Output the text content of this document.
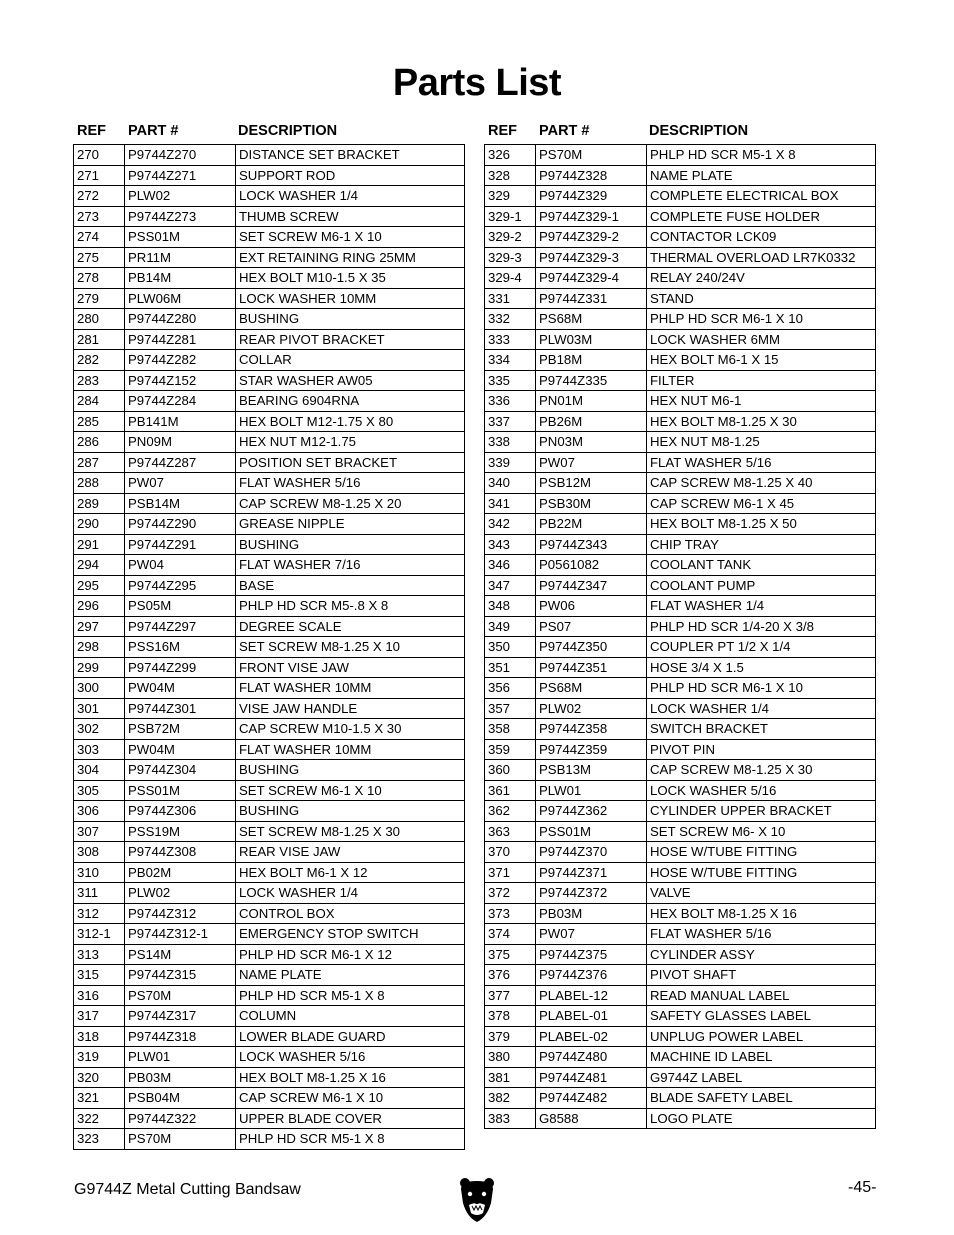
Parts List
REF PART #	DESCRIPTION
270	P9744Z270	DISTANCE SET BRACKET
271	P9744Z271	SUPPORT ROD
272	PLW02	LOCK WASHER 1/4
273	P9744Z273	THUMB SCREW
274	PSS01M	SET SCREW M6-1 X 10
275	PR11M	EXT RETAINING RING 25MM
278	PB14M	HEX BOLT M10-1.5 X 35
279	PLW06M	LOCK WASHER 10MM
280	P9744Z280	BUSHING
281	P9744Z281	REAR PIVOT BRACKET
282	P9744Z282	COLLAR
283	P9744Z152	STAR WASHER AW05
284	P9744Z284	BEARING 6904RNA
285	PB141M	HEX BOLT M12-1.75 X 80
286	PN09M	HEX NUT M12-1.75
287	P9744Z287	POSITION SET BRACKET
288	PW07	FLAT WASHER 5/16
289	PSB14M	CAP SCREW M8-1.25 X 20
290	P9744Z290	GREASE NIPPLE
291	P9744Z291	BUSHING
294	PW04	FLAT WASHER 7/16
295	P9744Z295	BASE
296	PS05M	PHLP HD SCR M5-.8 X 8
297	P9744Z297	DEGREE SCALE
298	PSS16M	SET SCREW M8-1.25 X 10
299	P9744Z299	FRONT VISE JAW
300	PW04M	FLAT WASHER 10MM
301	P9744Z301	VISE JAW HANDLE
302	PSB72M	CAP SCREW M10-1.5 X 30
303	PW04M	FLAT WASHER 10MM
304	P9744Z304	BUSHING
305	PSS01M	SET SCREW M6-1 X 10
306	P9744Z306	BUSHING
307	PSS19M	SET SCREW M8-1.25 X 30
308	P9744Z308	REAR VISE JAW
310	PB02M	HEX BOLT M6-1 X 12
311	PLW02	LOCK WASHER 1/4
312	P9744Z312	CONTROL BOX
312-1	P9744Z312-1	EMERGENCY STOP SWITCH
313	PS14M	PHLP HD SCR M6-1 X 12
315	P9744Z315	NAME PLATE
316	PS70M	PHLP HD SCR M5-1 X 8
317	P9744Z317	COLUMN
318	P9744Z318	LOWER BLADE GUARD
319	PLW01	LOCK WASHER 5/16
320	PB03M	HEX BOLT M8-1.25 X 16
321	PSB04M	CAP SCREW M6-1 X 10
322	P9744Z322	UPPER BLADE COVER
323	PS70M	PHLP HD SCR M5-1 X 8
REF PART #	DESCRIPTION
326	PS70M	PHLP HD SCR M5-1 X 8
328	P9744Z328	NAME PLATE
329	P9744Z329	COMPLETE ELECTRICAL BOX
329-1	P9744Z329-1	COMPLETE FUSE HOLDER
329-2	P9744Z329-2	CONTACTOR LCK09
329-3	P9744Z329-3	THERMAL OVERLOAD LR7K0332
329-4	P9744Z329-4	RELAY 240/24V
331	P9744Z331	STAND
332	PS68M	PHLP HD SCR M6-1 X 10
333	PLW03M	LOCK WASHER 6MM
334	PB18M	HEX BOLT M6-1 X 15
335	P9744Z335	FILTER
336	PN01M	HEX NUT M6-1
337	PB26M	HEX BOLT M8-1.25 X 30
338	PN03M	HEX NUT M8-1.25
339	PW07	FLAT WASHER 5/16
340	PSB12M	CAP SCREW M8-1.25 X 40
341	PSB30M	CAP SCREW M6-1 X 45
342	PB22M	HEX BOLT M8-1.25 X 50
343	P9744Z343	CHIP TRAY
346	P0561082	COOLANT TANK
347	P9744Z347	COOLANT PUMP
348	PW06	FLAT WASHER 1/4
349	PS07	PHLP HD SCR 1/4-20 X 3/8
350	P9744Z350	COUPLER PT 1/2 X 1/4
351	P9744Z351	HOSE 3/4 X 1.5
356	PS68M	PHLP HD SCR M6-1 X 10
357	PLW02	LOCK WASHER 1/4
358	P9744Z358	SWITCH BRACKET
359	P9744Z359	PIVOT PIN
360	PSB13M	CAP SCREW M8-1.25 X 30
361	PLW01	LOCK WASHER 5/16
362	P9744Z362	CYLINDER UPPER BRACKET
363	PSS01M	SET SCREW M6- X 10
370	P9744Z370	HOSE W/TUBE FITTING
371	P9744Z371	HOSE W/TUBE FITTING
372	P9744Z372	VALVE
373	PB03M	HEX BOLT M8-1.25 X 16
374	PW07	FLAT WASHER 5/16
375	P9744Z375	CYLINDER ASSY
376	P9744Z376	PIVOT SHAFT
377	PLABEL-12	READ MANUAL LABEL
378	PLABEL-01	SAFETY GLASSES LABEL
379	PLABEL-02	UNPLUG POWER LABEL
380	P9744Z480	MACHINE ID LABEL
381	P9744Z481	G9744Z LABEL
382	P9744Z482	BLADE SAFETY LABEL
383	G8588	LOGO PLATE
G9744Z Metal Cutting Bandsaw	-45-
